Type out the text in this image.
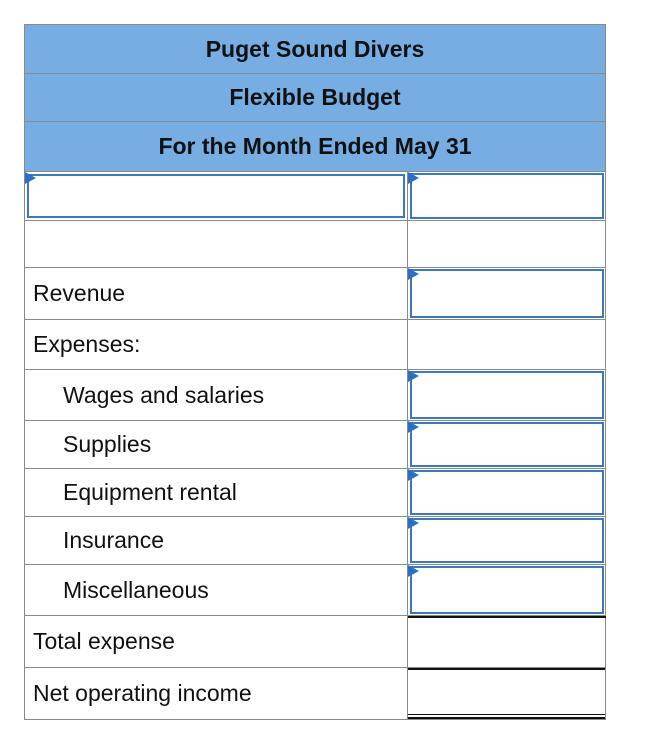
Puget Sound Divers
Flexible Budget
For the Month Ended May 31
Revenue
Expenses:
Wages and salaries
Supplies
Equipment rental
Insurance
Miscellaneous
Total expense
Net operating income
